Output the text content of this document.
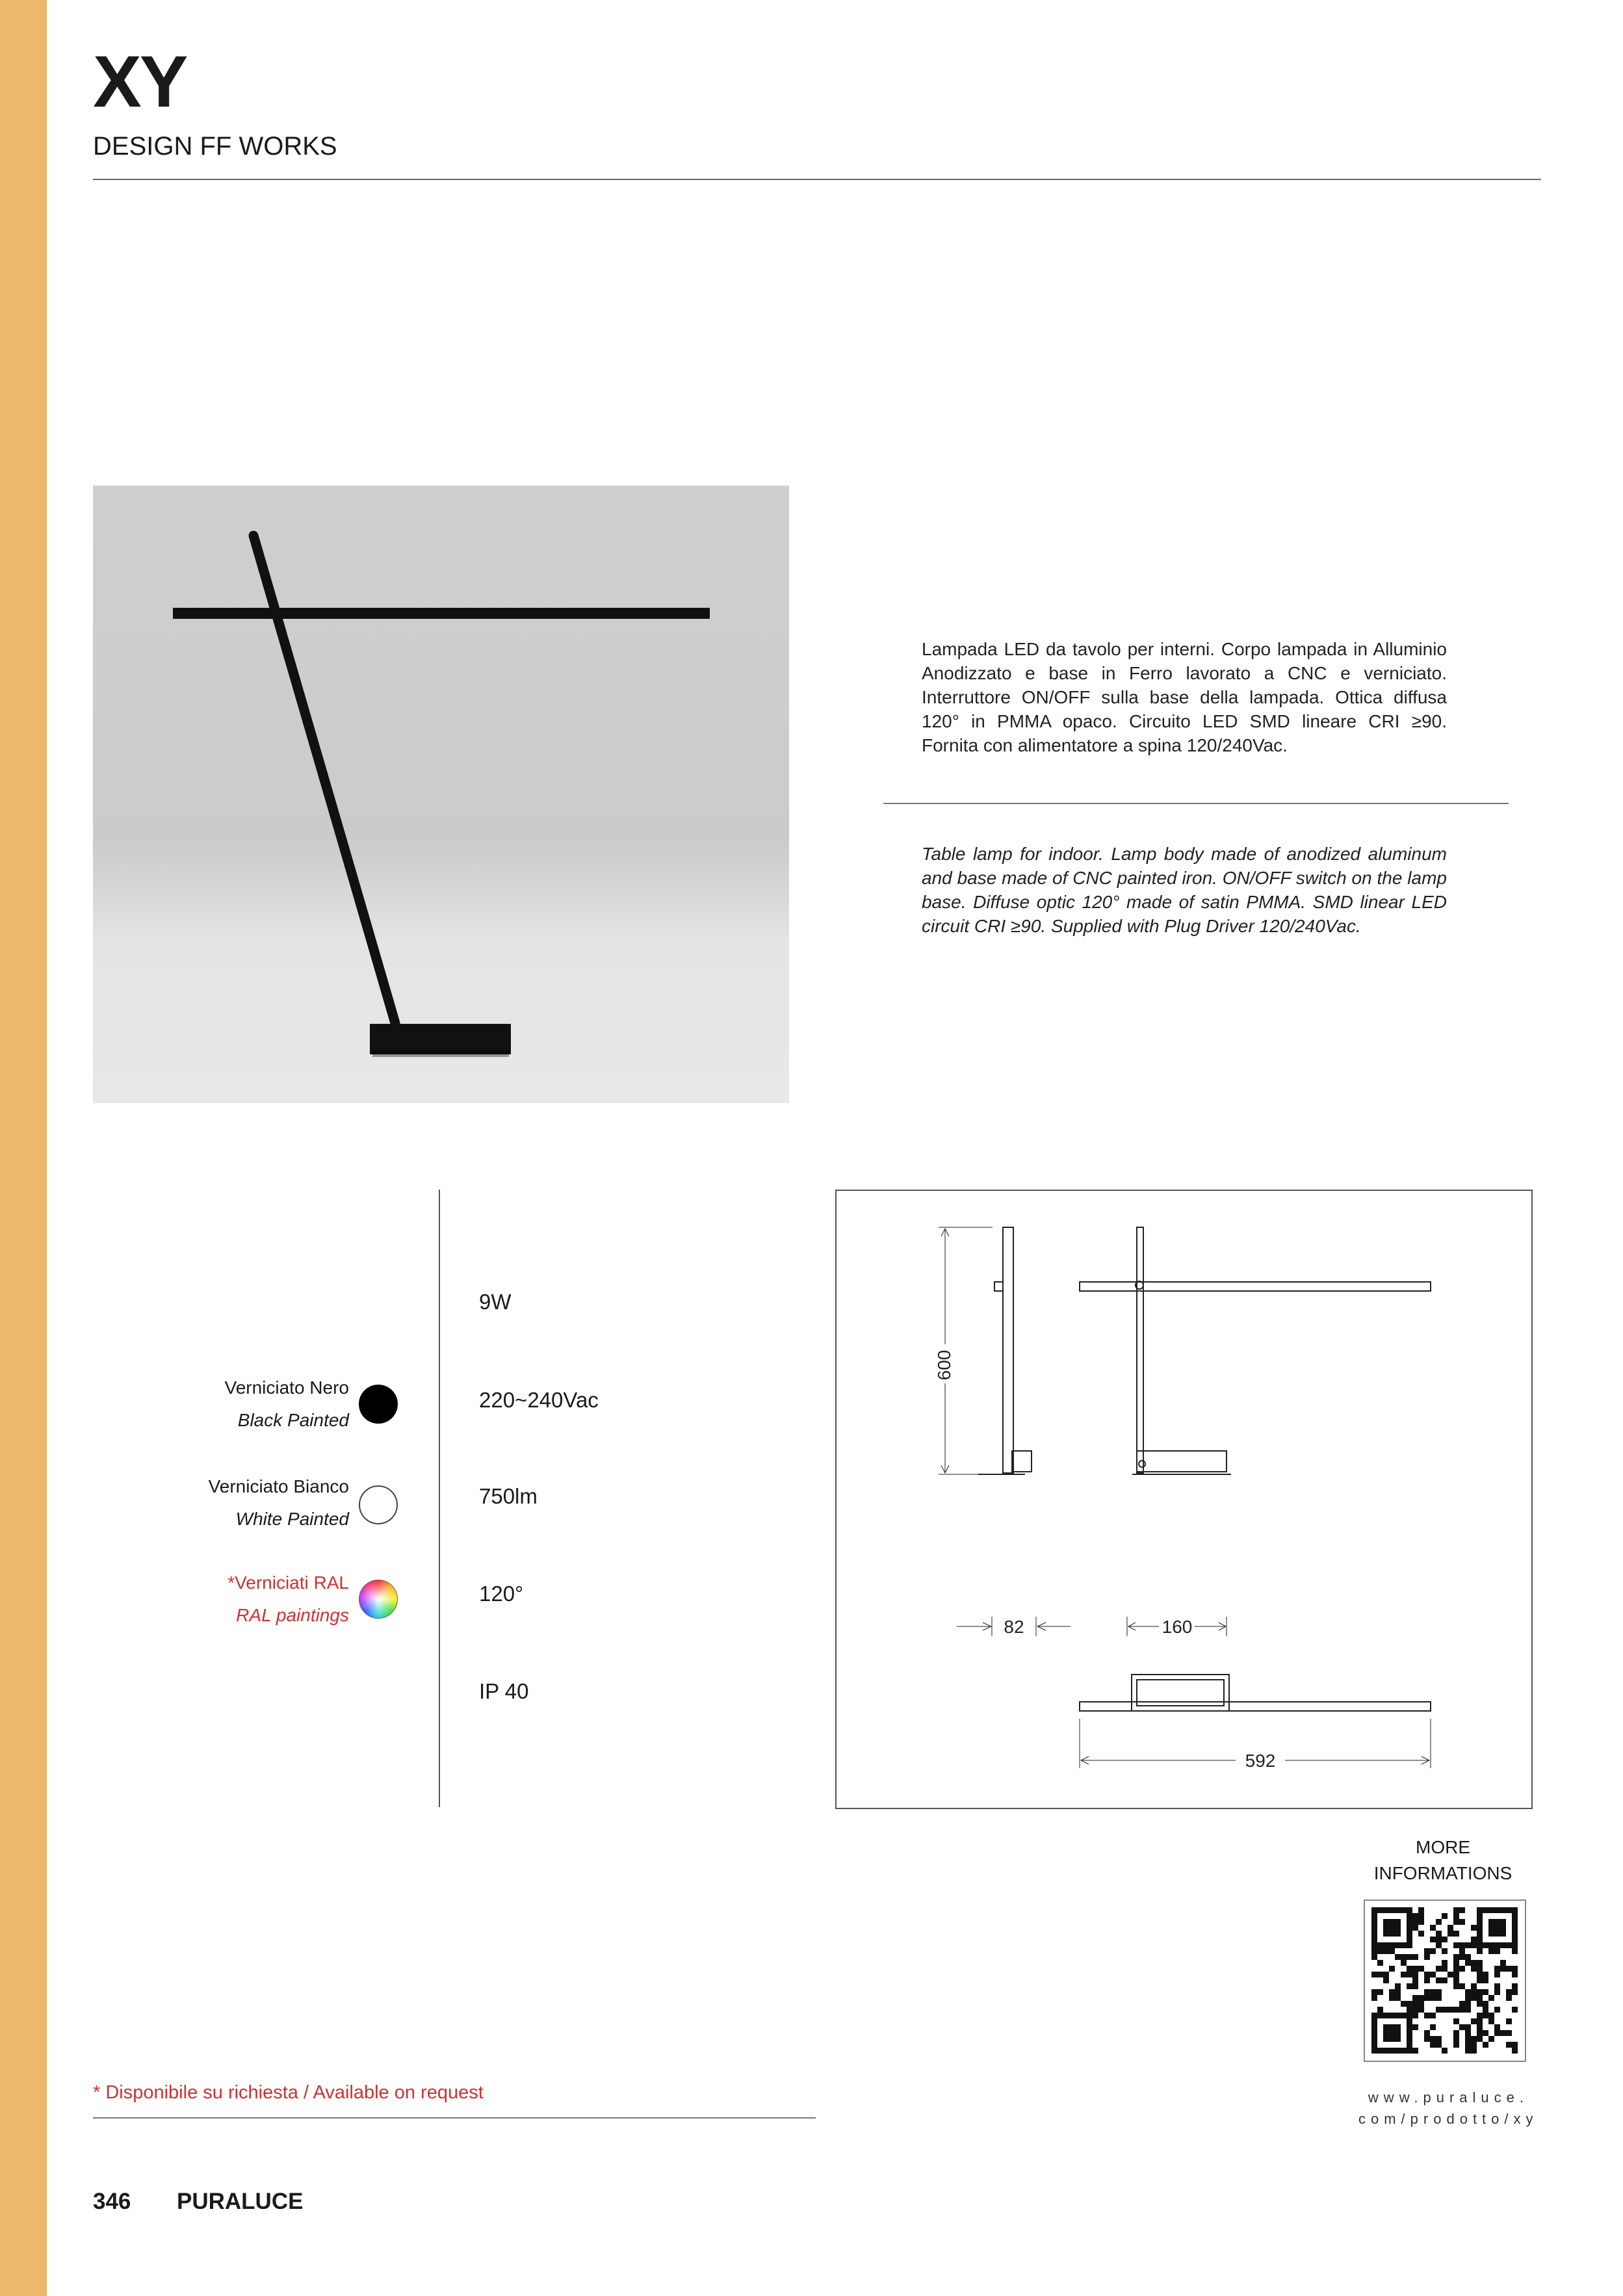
XY
DESIGN FF WORKS

Lampada LED da tavolo per interni. Corpo lampada in Alluminio Anodizzato e base in Ferro lavorato a CNC e verniciato. Interruttore ON/OFF sulla base della lampada. Ottica diffusa 120° in PMMA opaco. Circuito LED SMD lineare CRI ≥90. Fornita con alimentatore a spina 120/240Vac.

Table lamp for indoor. Lamp body made of anodized aluminum and base made of CNC painted iron. ON/OFF switch on the lamp base. Diffuse optic 120° made of satin PMMA. SMD linear LED circuit CRI ≥90. Supplied with Plug Driver 120/240Vac.

Verniciato Nero
Black Painted
Verniciato Bianco
White Painted
*Verniciati RAL
RAL paintings
9W
220~240Vac
750lm
120°
IP 40
600
82	160
592
MORE
INFORMATIONS
www.puraluce.
com/prodotto/xy

* Disponibile su richiesta / Available on request

346 PURALUCE
